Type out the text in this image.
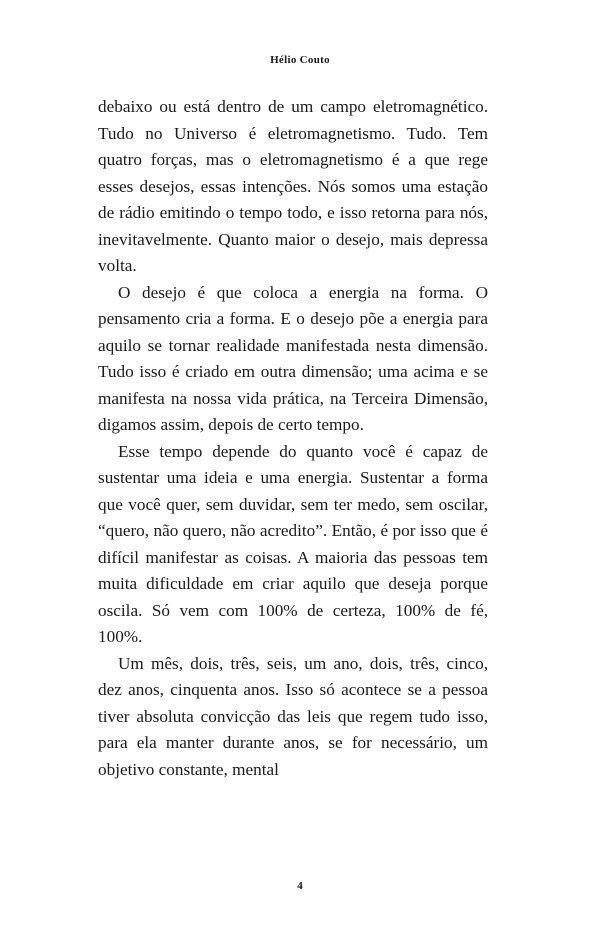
Hélio Couto

debaixo ou está dentro de um campo eletromagnético. Tudo no Universo é eletromagnetismo. Tudo. Tem quatro forças, mas o eletromagnetismo é a que rege esses desejos, essas intenções. Nós somos uma estação de rádio emitindo o tempo todo, e isso retorna para nós, inevitavelmente. Quanto maior o desejo, mais depressa volta.

O desejo é que coloca a energia na forma. O pensamento cria a forma. E o desejo põe a energia para aquilo se tornar realidade manifestada nesta dimensão. Tudo isso é criado em outra dimensão; uma acima e se manifesta na nossa vida prática, na Terceira Dimensão, digamos assim, depois de certo tempo.

Esse tempo depende do quanto você é capaz de sustentar uma ideia e uma energia. Sustentar a forma que você quer, sem duvidar, sem ter medo, sem oscilar, “quero, não quero, não acredito”. Então, é por isso que é difícil manifestar as coisas. A maioria das pessoas tem muita dificuldade em criar aquilo que deseja porque oscila. Só vem com 100% de certeza, 100% de fé, 100%.

Um mês, dois, três, seis, um ano, dois, três, cinco, dez anos, cinquenta anos. Isso só acontece se a pessoa tiver absoluta convicção das leis que regem tudo isso, para ela manter durante anos, se for necessário, um objetivo constante, mental

4
